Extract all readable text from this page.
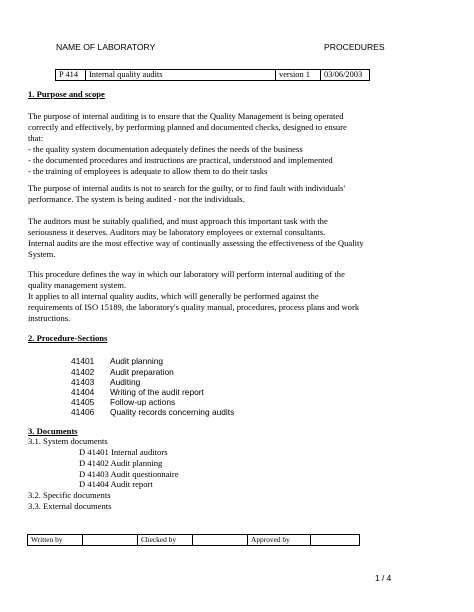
NAME OF LABORATORY	PROCEDURES
P 414	Internal quality audits	version 1	03/06/2003
1. Purpose and scope
The purpose of internal auditing is to ensure that the Quality Management is being operated
correctly and effectively, by performing planned and documented checks, designed to ensure
that:
- the quality system documentation adequately defines the needs of the business
- the documented procedures and instructions are practical, understood and implemented
- the training of employees is adequate to allow them to do their tasks
The purpose of internal audits is not to search for the guilty, or to find fault with individuals'
performance. The system is being audited - not the individuals.
The auditors must be suitably qualified, and must approach this important task with the
seriousness it deserves. Auditors may be laboratory employees or external consultants.
Internal audits are the most effective way of continually assessing the effectiveness of the Quality
System.
This procedure defines the way in which our laboratory will perform internal auditing of the
quality management system.
It applies to all internal quality audits, which will generally be performed against the
requirements of ISO 15189, the laboratory's quality manual, procedures, process plans and work
instructions.
2. Procedure-Sections
41401 Audit planning
41402 Audit preparation
41403 Auditing
41404 Writing of the audit report
41405 Follow-up actions
41406 Quality records concerning audits
3. Documents
3.1. System documents
D 41401 Internal auditors
D 41402 Audit planning
D 41403 Audit questionnaire
D 41404 Audit report
3.2. Specific documents
3.3. External documents
Written by		Checked by		Approved by	
1 / 4
